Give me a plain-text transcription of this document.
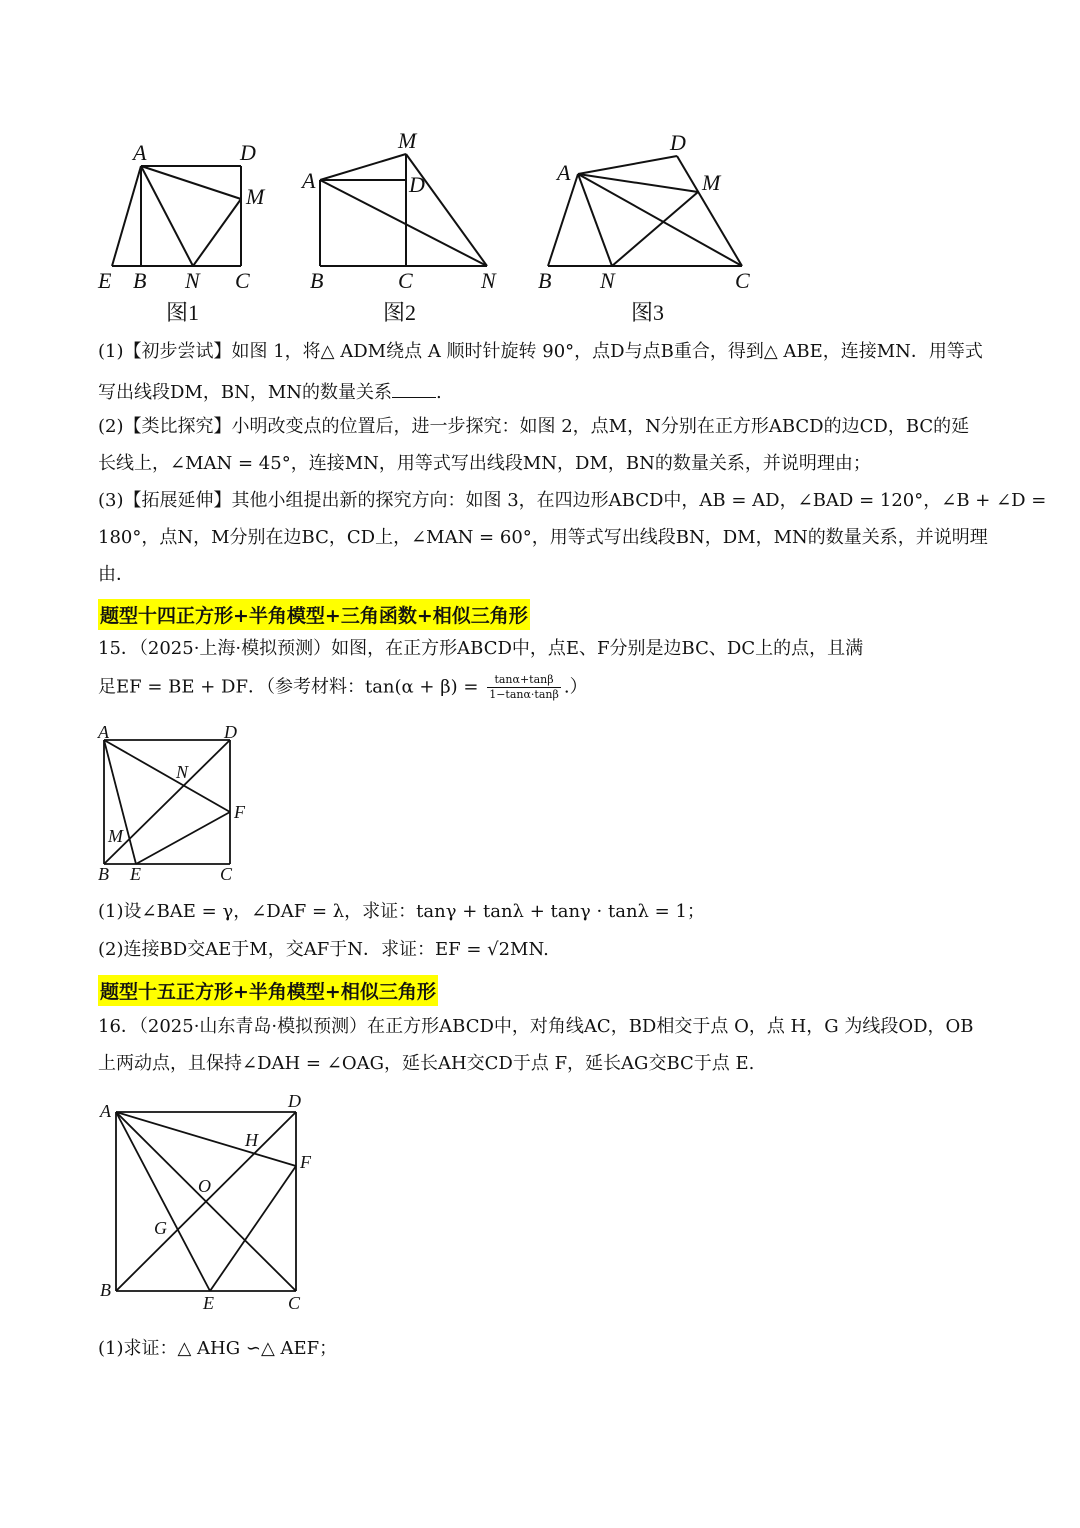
A	D
M
E B N C
图1
M
A	D
B	C	N
图2
D
A	M
B N	C
图3
(1)【初步尝试】如图 1，将△ ADM绕点 A 顺时针旋转 90°，点D与点B重合，得到△ ABE，连接MN．用等式
写出线段DM，BN，MN的数量关系 .
(2)【类比探究】小明改变点的位置后，进一步探究：如图 2，点M，N分别在正方形ABCD的边CD，BC的延
长线上，∠MAN = 45°，连接MN，用等式写出线段MN，DM，BN的数量关系，并说明理由；
(3)【拓展延伸】其他小组提出新的探究方向：如图 3，在四边形ABCD中，AB = AD，∠BAD = 120°，∠B + ∠D =
180°，点N，M分别在边BC，CD上，∠MAN = 60°，用等式写出线段BN，DM，MN的数量关系，并说明理
由．
题型十四正方形+半角模型+三角函数+相似三角形
15．（2025·上海·模拟预测）如图，在正方形ABCD中，点E、F分别是边BC、DC上的点，且满
足EF = BE + DF．（参考材料：$\tan(\alpha + \beta) = \frac{\tan\alpha+\tan\beta}{1-\tan\alpha\cdot\tan\beta}$ .）
A	D
N
F
M
B E	C
(1)设∠BAE = γ，∠DAF = λ，求证：tanγ + tanλ + tanγ · tanλ = 1；
(2)连接BD交AE于M，交AF于N．求证：EF = √2MN.
题型十五正方形+半角模型+相似三角形
16．（2025·山东青岛·模拟预测）在正方形ABCD中，对角线AC，BD相交于点 O，点 H，G 为线段OD，OB
上两动点，且保持∠DAH = ∠OAG，延长AH交CD于点 F，延长AG交BC于点 E.
A	D
H
F
O
G
B
E	C
(1)求证：△ AHG ∽△ AEF；
